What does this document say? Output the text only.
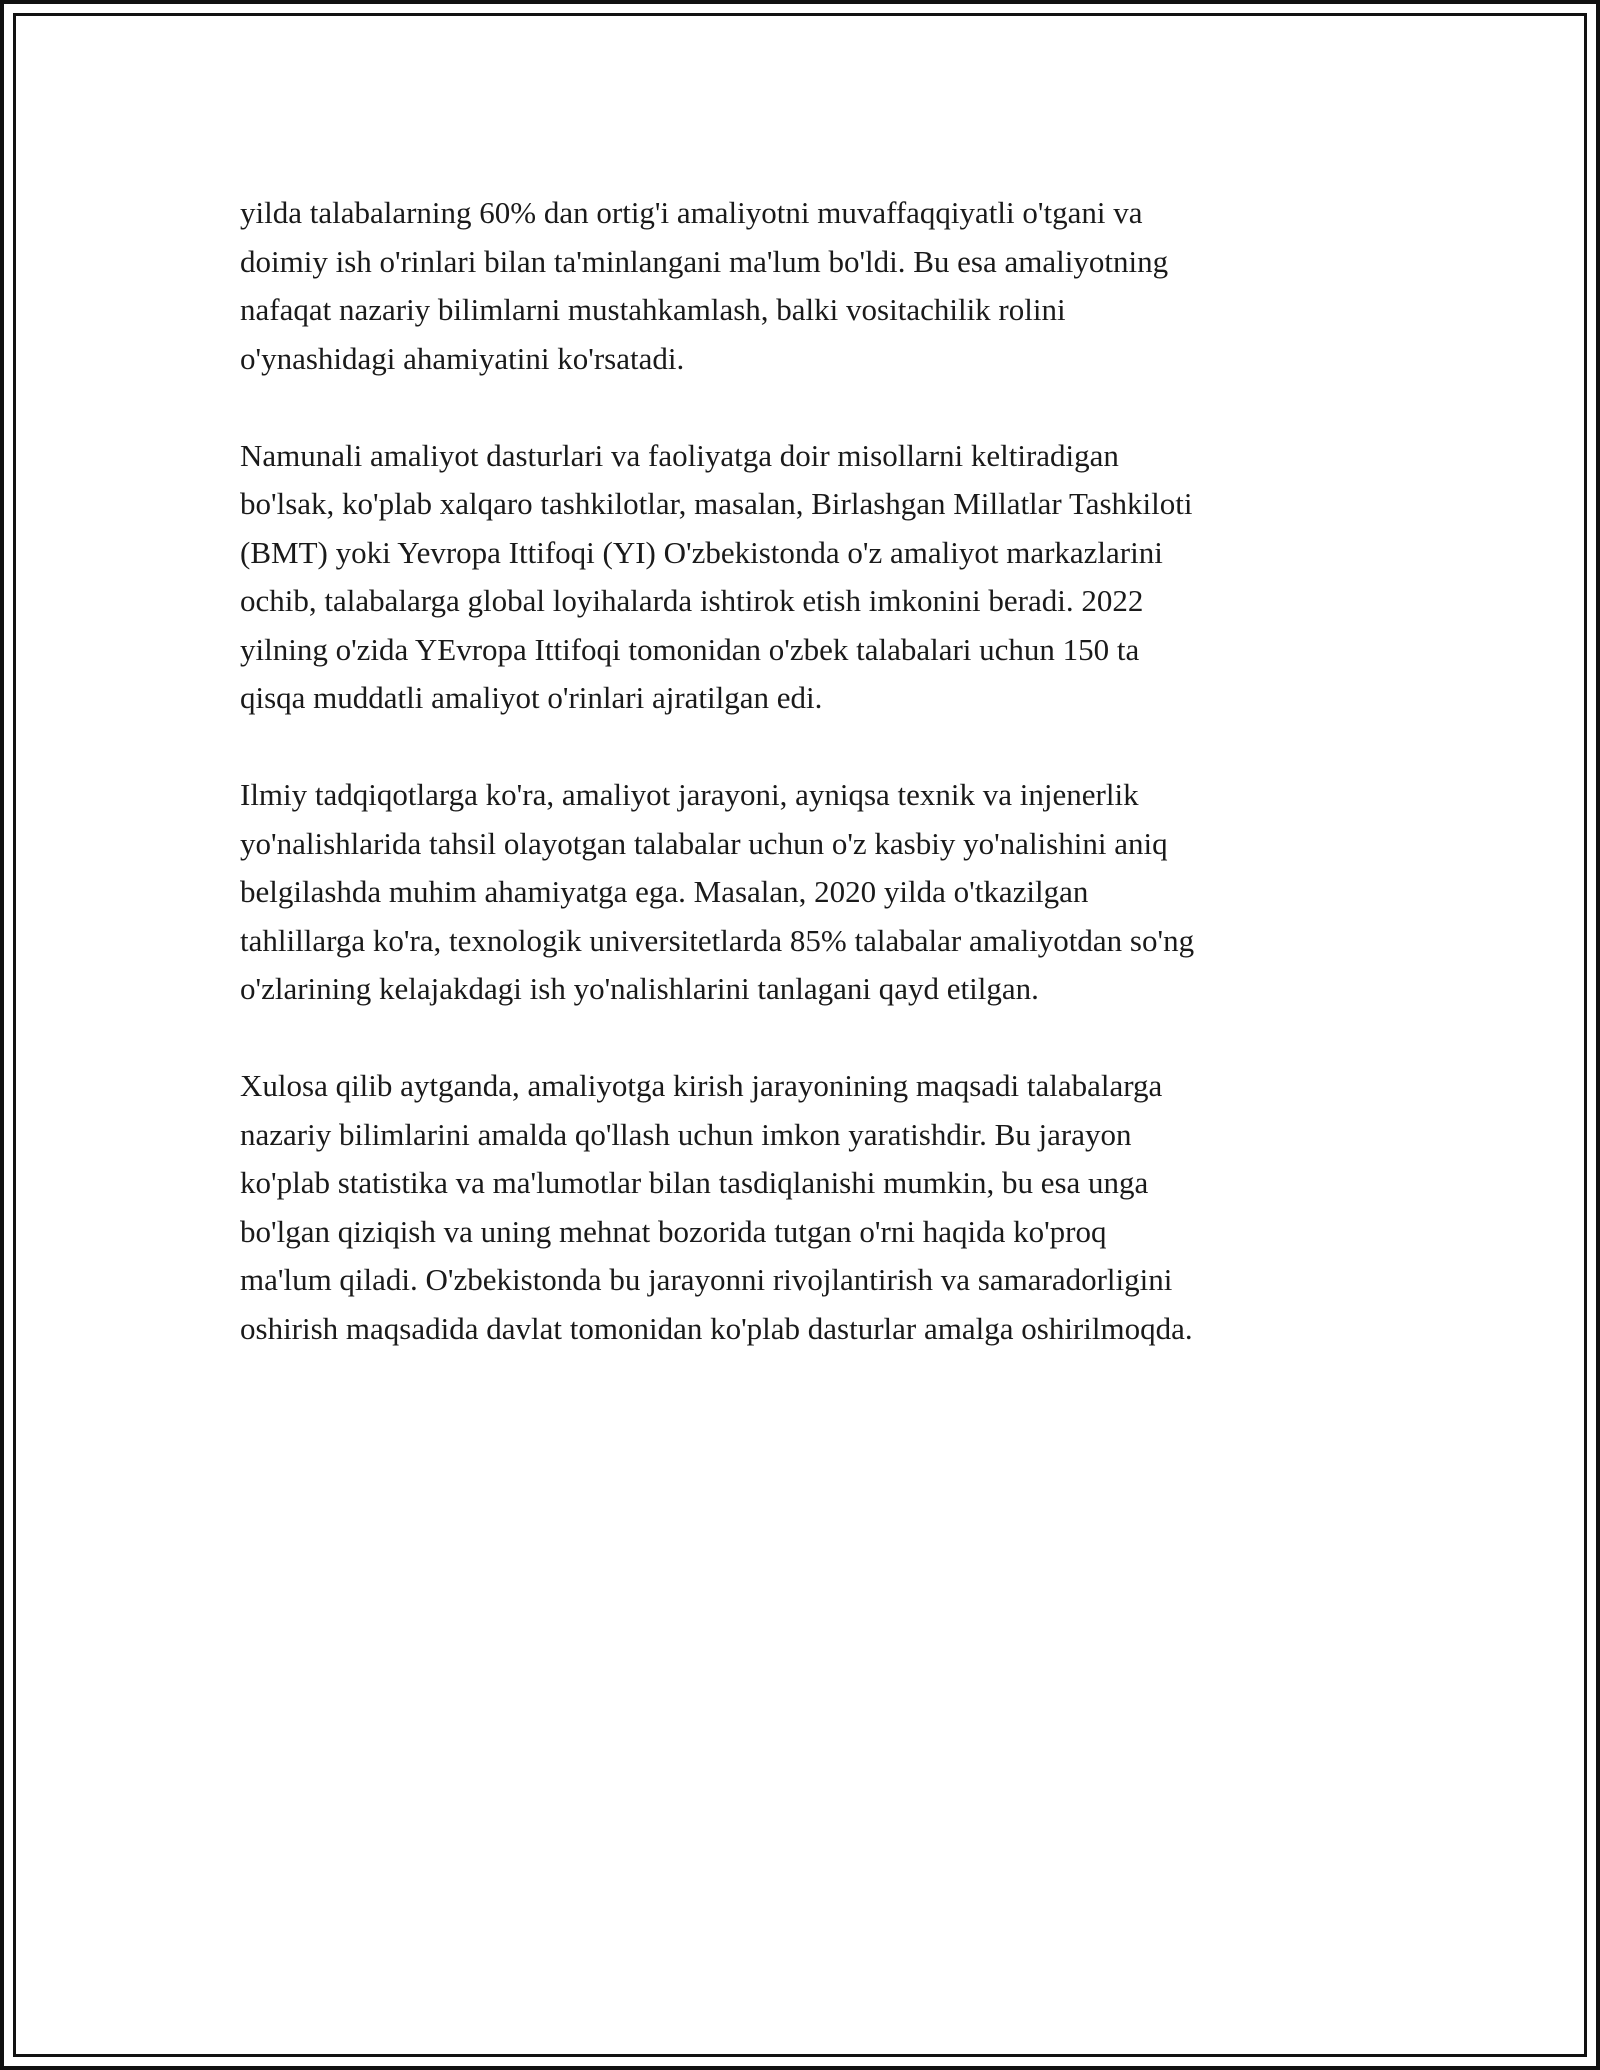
yilda talabalarning 60% dan ortig'i amaliyotni muvaffaqqiyatli o'tgani va
doimiy ish o'rinlari bilan ta'minlangani ma'lum bo'ldi. Bu esa amaliyotning
nafaqat nazariy bilimlarni mustahkamlash, balki vositachilik rolini
o'ynashidagi ahamiyatini ko'rsatadi.

Namunali amaliyot dasturlari va faoliyatga doir misollarni keltiradigan
bo'lsak, ko'plab xalqaro tashkilotlar, masalan, Birlashgan Millatlar Tashkiloti
(BMT) yoki Yevropa Ittifoqi (YI) O'zbekistonda o'z amaliyot markazlarini
ochib, talabalarga global loyihalarda ishtirok etish imkonini beradi. 2022
yilning o'zida YEvropa Ittifoqi tomonidan o'zbek talabalari uchun 150 ta
qisqa muddatli amaliyot o'rinlari ajratilgan edi.

Ilmiy tadqiqotlarga ko'ra, amaliyot jarayoni, ayniqsa texnik va injenerlik
yo'nalishlarida tahsil olayotgan talabalar uchun o'z kasbiy yo'nalishini aniq
belgilashda muhim ahamiyatga ega. Masalan, 2020 yilda o'tkazilgan
tahlillarga ko'ra, texnologik universitetlarda 85% talabalar amaliyotdan so'ng
o'zlarining kelajakdagi ish yo'nalishlarini tanlagani qayd etilgan.

Xulosa qilib aytganda, amaliyotga kirish jarayonining maqsadi talabalarga
nazariy bilimlarini amalda qo'llash uchun imkon yaratishdir. Bu jarayon
ko'plab statistika va ma'lumotlar bilan tasdiqlanishi mumkin, bu esa unga
bo'lgan qiziqish va uning mehnat bozorida tutgan o'rni haqida ko'proq
ma'lum qiladi. O'zbekistonda bu jarayonni rivojlantirish va samaradorligini
oshirish maqsadida davlat tomonidan ko'plab dasturlar amalga oshirilmoqda.
